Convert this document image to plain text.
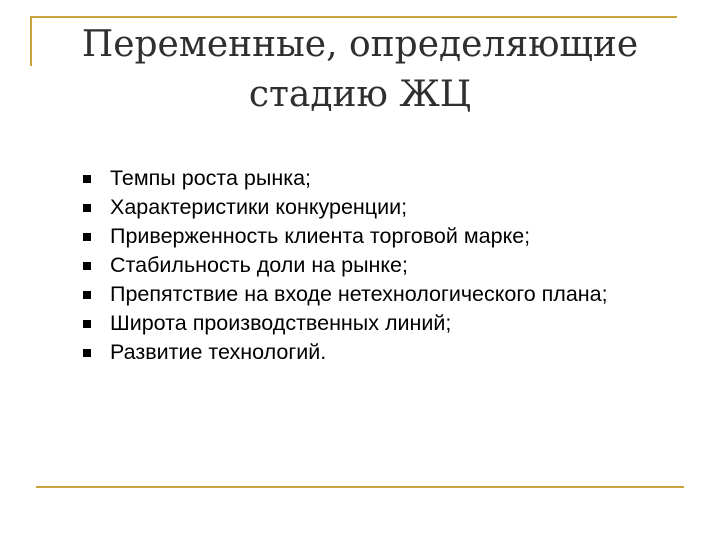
Переменные, определяющие
стадию ЖЦ
Темпы роста рынка;
Характеристики конкуренции;
Приверженность клиента торговой марке;
Стабильность доли на рынке;
Препятствие на входе нетехнологического плана;
Широта производственных линий;
Развитие технологий.
